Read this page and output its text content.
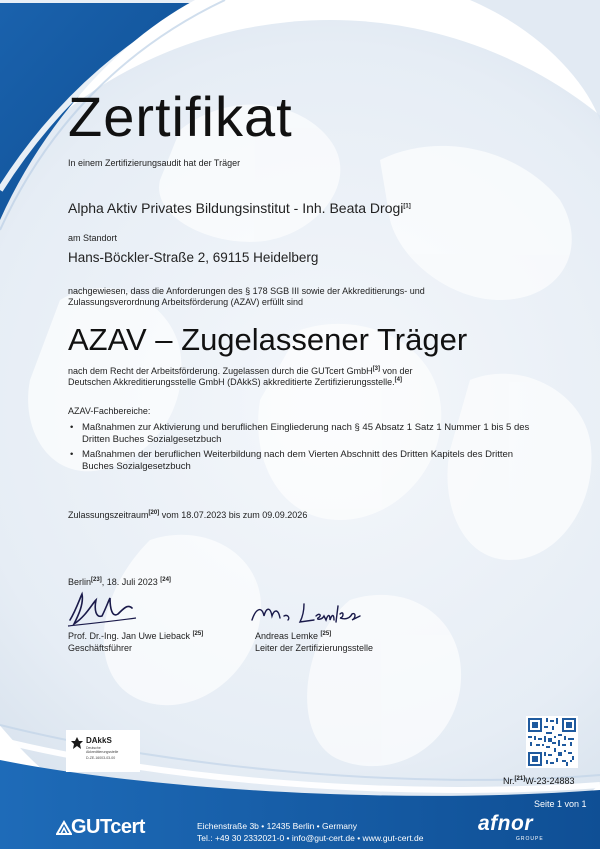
Zertifikat
In einem Zertifizierungsaudit hat der Träger
Alpha Aktiv Privates Bildungsinstitut - Inh. Beata Drogi[1]
am Standort
Hans-Böckler-Straße 2, 69115 Heidelberg
nachgewiesen, dass die Anforderungen des § 178 SGB III sowie der Akkreditierungs- und
Zulassungsverordnung Arbeitsförderung (AZAV) erfüllt sind
AZAV – Zugelassener Träger
nach dem Recht der Arbeitsförderung. Zugelassen durch die GUTcert GmbH[3] von der
Deutschen Akkreditierungsstelle GmbH (DAkkS) akkreditierte Zertifizierungsstelle.[4]
AZAV-Fachbereiche:
• Maßnahmen zur Aktivierung und beruflichen Eingliederung nach § 45 Absatz 1 Satz 1 Nummer 1 bis 5 des
Dritten Buches Sozialgesetzbuch
• Maßnahmen der beruflichen Weiterbildung nach dem Vierten Abschnitt des Dritten Kapitels des Dritten
Buches Sozialgesetzbuch
Zulassungszeitraum[20] vom 18.07.2023 bis zum 09.09.2026
Berlin[23], 18. Juli 2023 [24]
Prof. Dr.-Ing. Jan Uwe Lieback [25]
Geschäftsführer
Andreas Lemke [25]
Leiter der Zertifizierungsstelle
DAkkS
Deutsche
Akkreditierungsstelle
D-ZE-16003-03-00
Nr.[21]W-23-24883
Seite 1 von 1
GUTcert	Eichenstraße 3b • 12435 Berlin • Germany
Tel.: +49 30 2332021-0 • info@gut-cert.de • www.gut-cert.de
afnor
GROUPE
